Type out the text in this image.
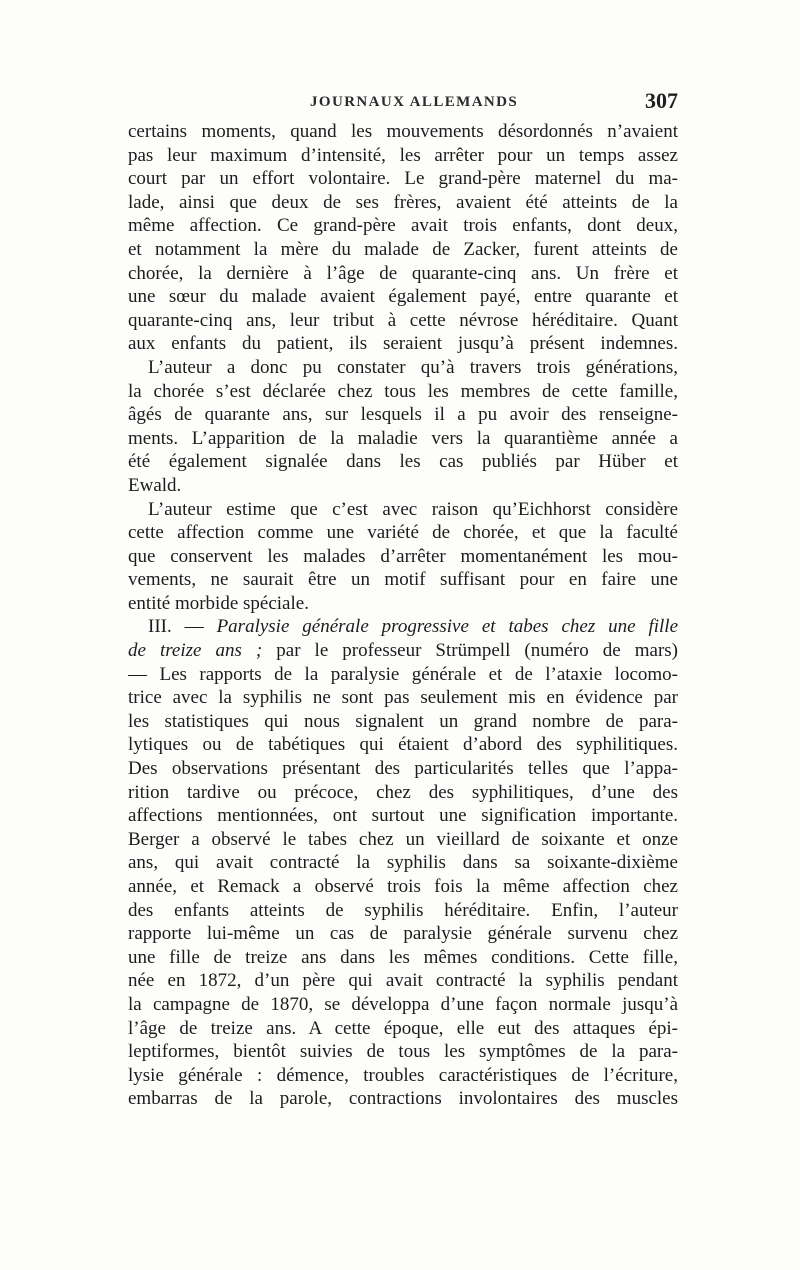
JOURNAUX ALLEMANDS	307
certains moments, quand les mouvements désordonnés n’avaient
pas leur maximum d’intensité, les arrêter pour un temps assez
court par un effort volontaire. Le grand-père maternel du ma-
lade, ainsi que deux de ses frères, avaient été atteints de la
même affection. Ce grand-père avait trois enfants, dont deux,
et notamment la mère du malade de Zacker, furent atteints de
chorée, la dernière à l’âge de quarante-cinq ans. Un frère et
une sœur du malade avaient également payé, entre quarante et
quarante-cinq ans, leur tribut à cette névrose héréditaire. Quant
aux enfants du patient, ils seraient jusqu’à présent indemnes.
L’auteur a donc pu constater qu’à travers trois générations,
la chorée s’est déclarée chez tous les membres de cette famille,
âgés de quarante ans, sur lesquels il a pu avoir des renseigne-
ments. L’apparition de la maladie vers la quarantième année a
été également signalée dans les cas publiés par Hüber et
Ewald.
L’auteur estime que c’est avec raison qu’Eichhorst considère
cette affection comme une variété de chorée, et que la faculté
que conservent les malades d’arrêter momentanément les mou-
vements, ne saurait être un motif suffisant pour en faire une
entité morbide spéciale.
III. — Paralysie générale progressive et tabes chez une fille
de treize ans ; par le professeur Strümpell (numéro de mars)
— Les rapports de la paralysie générale et de l’ataxie locomo-
trice avec la syphilis ne sont pas seulement mis en évidence par
les statistiques qui nous signalent un grand nombre de para-
lytiques ou de tabétiques qui étaient d’abord des syphilitiques.
Des observations présentant des particularités telles que l’appa-
rition tardive ou précoce, chez des syphilitiques, d’une des
affections mentionnées, ont surtout une signification importante.
Berger a observé le tabes chez un vieillard de soixante et onze
ans, qui avait contracté la syphilis dans sa soixante-dixième
année, et Remack a observé trois fois la même affection chez
des enfants atteints de syphilis héréditaire. Enfin, l’auteur
rapporte lui-même un cas de paralysie générale survenu chez
une fille de treize ans dans les mêmes conditions. Cette fille,
née en 1872, d’un père qui avait contracté la syphilis pendant
la campagne de 1870, se développa d’une façon normale jusqu’à
l’âge de treize ans. A cette époque, elle eut des attaques épi-
leptiformes, bientôt suivies de tous les symptômes de la para-
lysie générale : démence, troubles caractéristiques de l’écriture,
embarras de la parole, contractions involontaires des muscles
